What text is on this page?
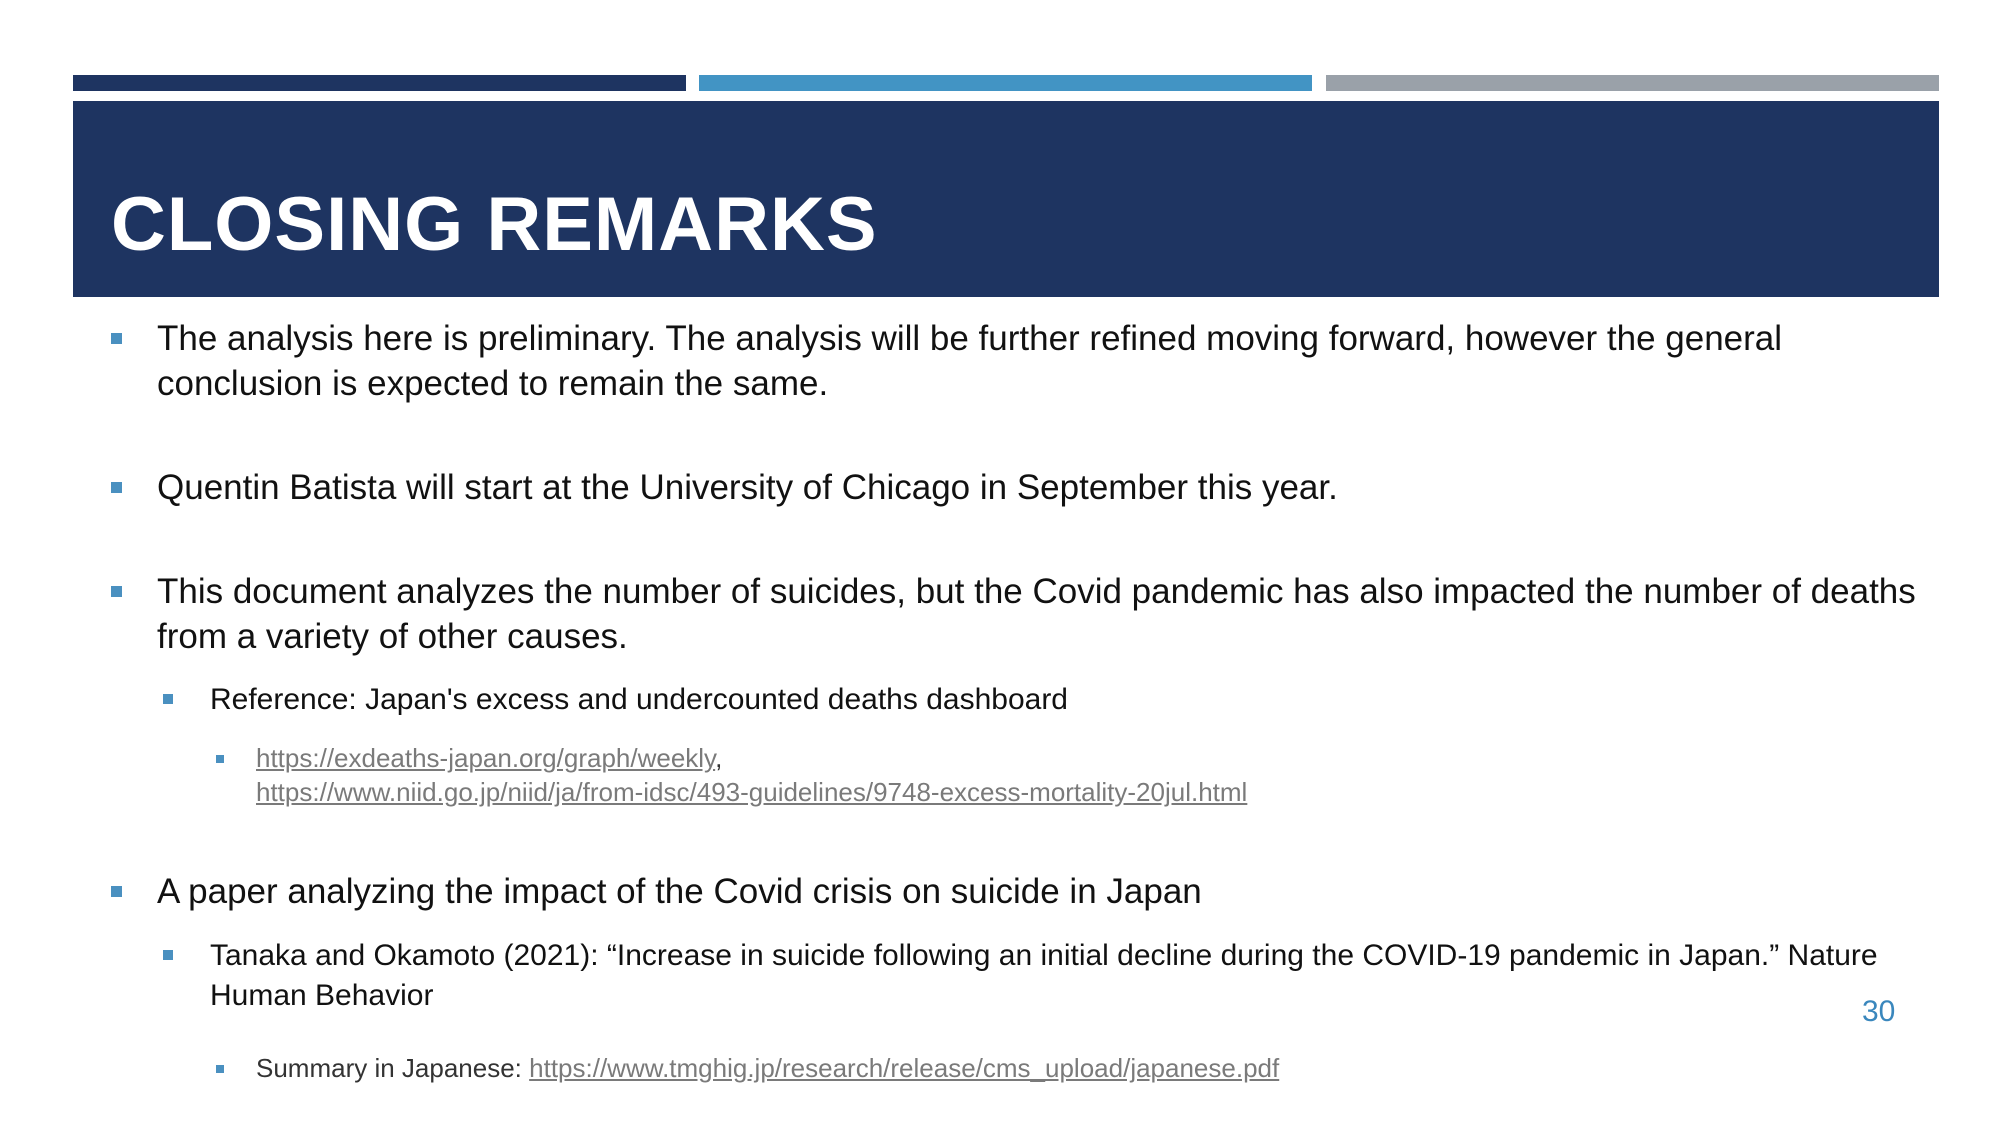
CLOSING REMARKS
The analysis here is preliminary. The analysis will be further refined moving forward, however the general conclusion is expected to remain the same.
Quentin Batista will start at the University of Chicago in September this year.
This document analyzes the number of suicides, but the Covid pandemic has also impacted the number of deaths from a variety of other causes.
Reference: Japan's excess and undercounted deaths dashboard
https://exdeaths-japan.org/graph/weekly,
https://www.niid.go.jp/niid/ja/from-idsc/493-guidelines/9748-excess-mortality-20jul.html
A paper analyzing the impact of the Covid crisis on suicide in Japan
Tanaka and Okamoto (2021): “Increase in suicide following an initial decline during the COVID-19 pandemic in Japan.” Nature Human Behavior
Summary in Japanese: https://www.tmghig.jp/research/release/cms_upload/japanese.pdf
30
